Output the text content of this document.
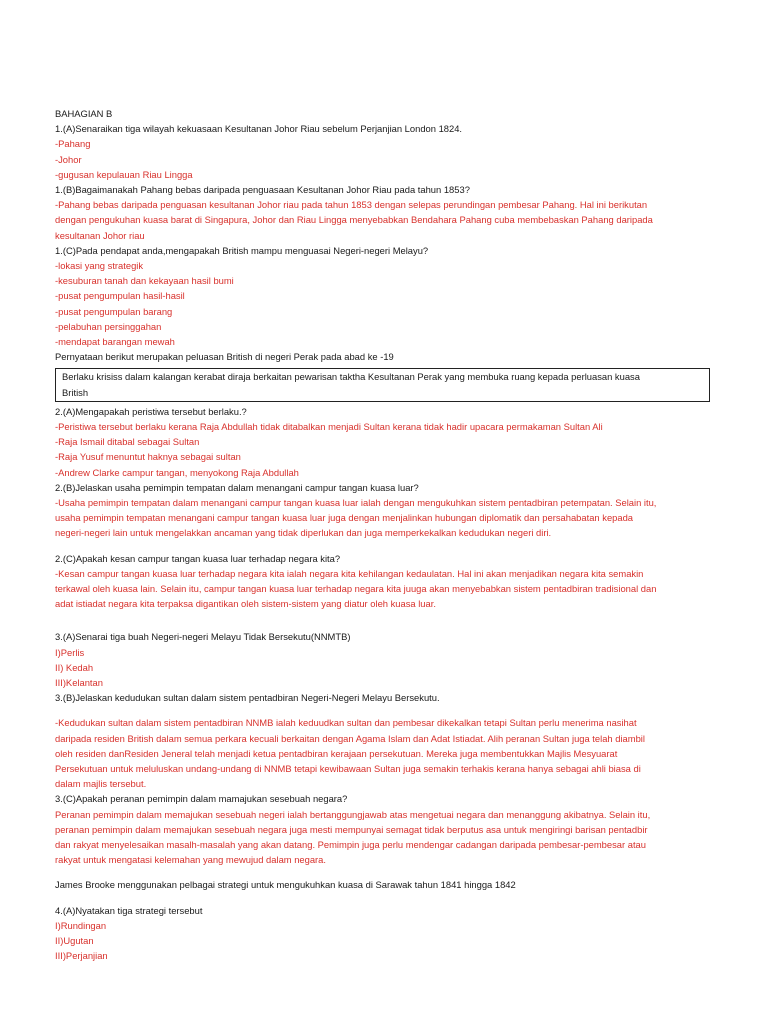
BAHAGIAN B
1.(A)Senaraikan tiga wilayah kekuasaan Kesultanan Johor Riau sebelum Perjanjian London 1824.
-Pahang
-Johor
-gugusan kepulauan Riau Lingga
1.(B)Bagaimanakah Pahang bebas daripada penguasaan Kesultanan Johor Riau pada tahun 1853?
-Pahang bebas daripada penguasan kesultanan Johor riau pada tahun 1853 dengan selepas perundingan pembesar Pahang. Hal ini berikutan
dengan pengukuhan kuasa barat di Singapura, Johor dan Riau Lingga menyebabkan Bendahara Pahang cuba membebaskan Pahang daripada
kesultanan Johor riau
1.(C)Pada pendapat anda,mengapakah British mampu menguasai Negeri-negeri Melayu?
-lokasi yang strategik
-kesuburan tanah dan kekayaan hasil bumi
-pusat pengumpulan hasil-hasil
-pusat pengumpulan barang
-pelabuhan persinggahan
-mendapat barangan mewah
Pernyataan berikut merupakan peluasan British di negeri Perak pada abad ke -19
Berlaku krisiss dalam kalangan kerabat diraja berkaitan pewarisan taktha Kesultanan Perak yang membuka ruang kepada perluasan kuasa
British
2.(A)Mengapakah peristiwa tersebut berlaku.?
-Peristiwa tersebut berlaku kerana Raja Abdullah tidak ditabalkan menjadi Sultan kerana tidak hadir upacara permakaman Sultan Ali
-Raja Ismail ditabal sebagai Sultan
-Raja Yusuf menuntut haknya sebagai sultan
-Andrew Clarke campur tangan, menyokong Raja Abdullah
2.(B)Jelaskan usaha pemimpin tempatan dalam menangani campur tangan kuasa luar?
-Usaha pemimpin tempatan dalam menangani campur tangan kuasa luar ialah dengan mengukuhkan sistem pentadbiran petempatan. Selain itu,
usaha pemimpin tempatan menangani campur tangan kuasa luar juga dengan menjalinkan hubungan diplomatik dan persahabatan kepada
negeri-negeri lain untuk mengelakkan ancaman yang tidak diperlukan dan juga memperkekalkan kedudukan negeri diri.
2.(C)Apakah kesan campur tangan kuasa luar terhadap negara kita?
-Kesan campur tangan kuasa luar terhadap negara kita ialah negara kita kehilangan kedaulatan. Hal ini akan menjadikan negara kita semakin
terkawal oleh kuasa lain. Selain itu, campur tangan kuasa luar terhadap negara kita juuga akan menyebabkan sistem pentadbiran tradisional dan
adat istiadat negara kita terpaksa digantikan oleh sistem-sistem yang diatur oleh kuasa luar.
3.(A)Senarai tiga buah Negeri-negeri Melayu Tidak Bersekutu(NNMTB)
I)Perlis
II) Kedah
III)Kelantan
3.(B)Jelaskan kedudukan sultan dalam sistem pentadbiran Negeri-Negeri Melayu Bersekutu.
-Kedudukan sultan dalam sistem pentadbiran NNMB ialah keduudkan sultan dan pembesar dikekalkan tetapi Sultan perlu menerima nasihat
daripada residen British dalam semua perkara kecuali berkaitan dengan Agama Islam dan Adat Istiadat. Alih peranan Sultan juga telah diambil
oleh residen danResiden Jeneral telah menjadi ketua pentadbiran kerajaan persekutuan. Mereka juga membentukkan Majlis Mesyuarat
Persekutuan untuk meluluskan undang-undang di NNMB tetapi kewibawaan Sultan juga semakin terhakis kerana hanya sebagai ahli biasa di
dalam majlis tersebut.
3.(C)Apakah peranan pemimpin dalam mamajukan sesebuah negara?
Peranan pemimpin dalam memajukan sesebuah negeri ialah bertanggungjawab atas mengetuai negara dan menanggung akibatnya. Selain itu,
peranan pemimpin dalam memajukan sesebuah negara juga mesti mempunyai semagat tidak berputus asa untuk mengiringi barisan pentadbir
dan rakyat menyelesaikan masalh-masalah yang akan datang. Pemimpin juga perlu mendengar cadangan daripada pembesar-pembesar atau
rakyat untuk mengatasi kelemahan yang mewujud dalam negara.
James Brooke menggunakan pelbagai strategi untuk mengukuhkan kuasa di Sarawak tahun 1841 hingga 1842
4.(A)Nyatakan tiga strategi tersebut
I)Rundingan
II)Ugutan
III)Perjanjian
